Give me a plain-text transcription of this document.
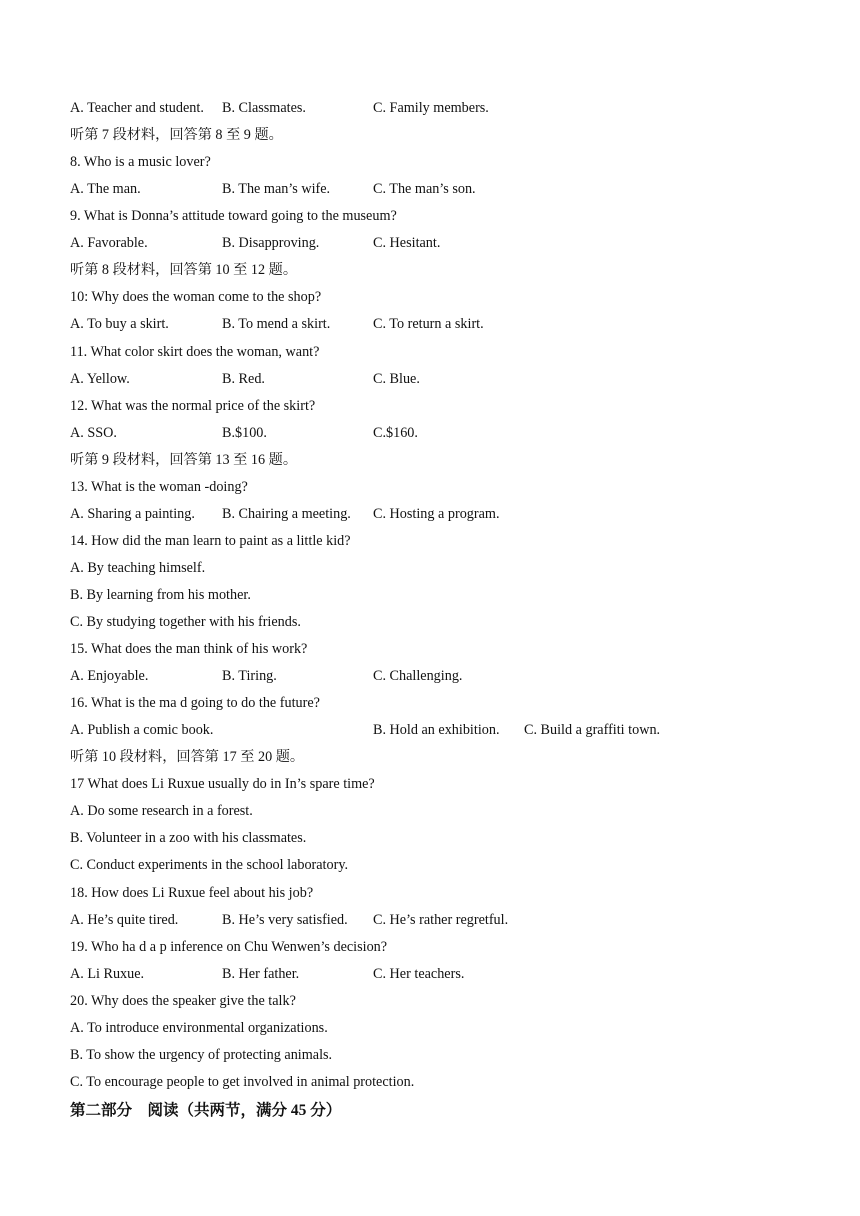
A. Teacher and student. B. Classmates.	C. Family members.
听第 7 段材料，回答第 8 至 9 题。
8. Who is a music lover?
A. The man.	B. The man’s wife.	C. The man’s son.
9. What is Donna’s attitude toward going to the museum?
A. Favorable.	B. Disapproving.	C. Hesitant.
听第 8 段材料，回答第 10 至 12 题。
10: Why does the woman come to the shop?
A. To buy a skirt.	B. To mend a skirt.	C. To return a skirt.
11. What color skirt does the woman, want?
A. Yellow.	B. Red.	C. Blue.
12. What was the normal price of the skirt?
A. SSO.	B.$100.	C.$160.
听第 9 段材料，回答第 13 至 16 题。
13. What is the woman -doing?
A. Sharing a painting. B. Chairing a meeting. C. Hosting a program.
14. How did the man learn to paint as a little kid?
A. By teaching himself.
B. By learning from his mother.
C. By studying together with his friends.
15. What does the man think of his work?
A. Enjoyable.	B. Tiring.	C. Challenging.
16. What is the ma d going to do the future?
A. Publish a comic book.	B. Hold an exhibition. C. Build a graffiti town.
听第 10 段材料，回答第 17 至 20 题。
17 What does Li Ruxue usually do in In’s spare time?
A. Do some research in a forest.
B. Volunteer in a zoo with his classmates.
C. Conduct experiments in the school laboratory.
18. How does Li Ruxue feel about his job?
A. He’s quite tired.	B. He’s very satisfied. C. He’s rather regretful.
19. Who ha d a p inference on Chu Wenwen’s decision?
A. Li Ruxue.	B. Her father.	C. Her teachers.
20. Why does the speaker give the talk?
A. To introduce environmental organizations.
B. To show the urgency of protecting animals.
C. To encourage people to get involved in animal protection.
第二部分　阅读（共两节，满分 45 分）
